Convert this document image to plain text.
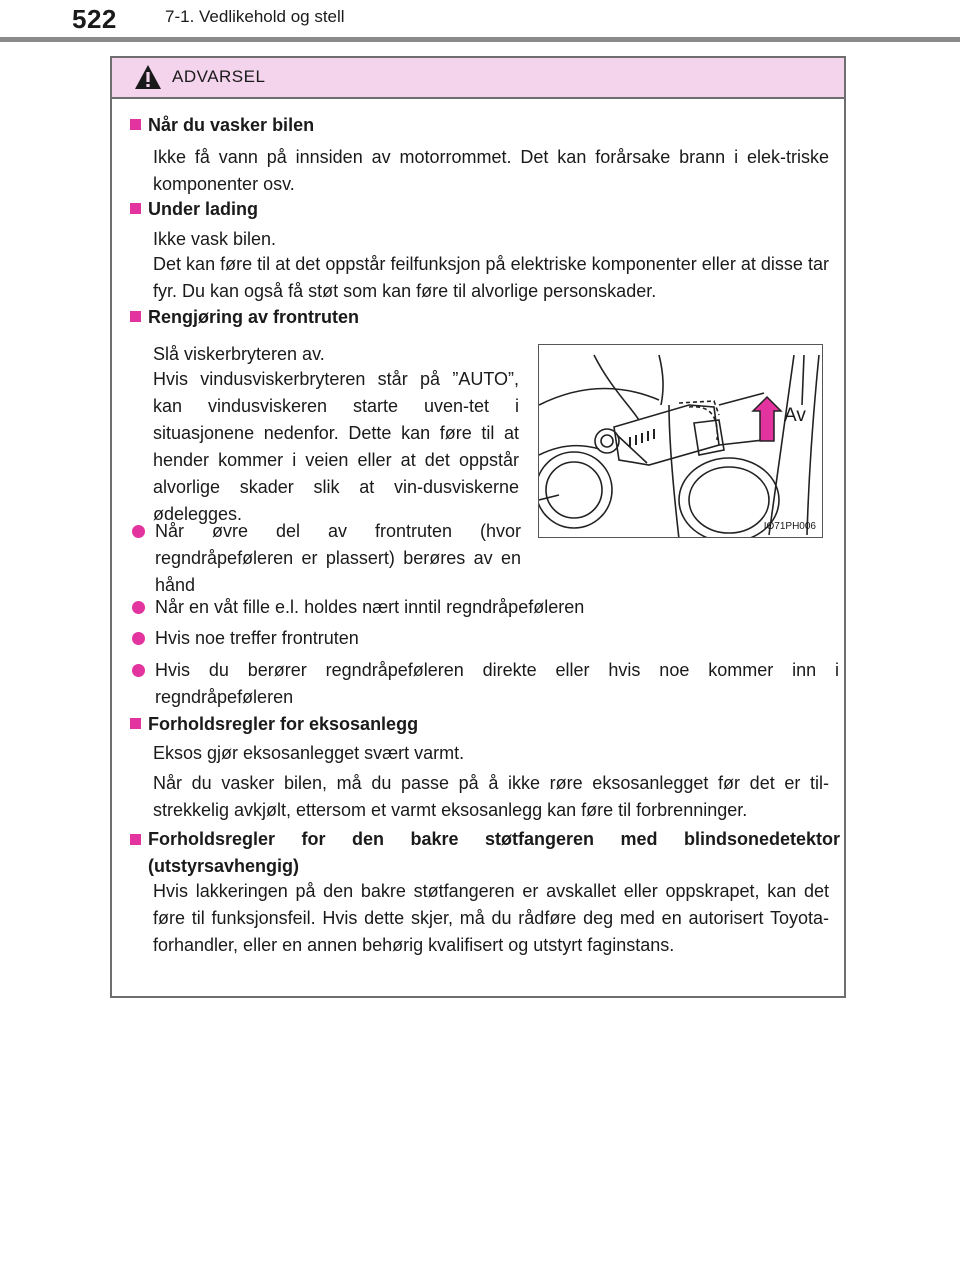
522	7-1. Vedlikehold og stell
ADVARSEL
Når du vasker bilen
Ikke få vann på innsiden av motorrommet. Det kan forårsake brann i elek-triske komponenter osv.
Under lading
Ikke vask bilen.
Det kan føre til at det oppstår feilfunksjon på elektriske komponenter eller at disse tar fyr. Du kan også få støt som kan føre til alvorlige personskader.
Rengjøring av frontruten
Slå viskerbryteren av.
Hvis vindusviskerbryteren står på ”AUTO”, kan vindusviskeren starte uven-tet i situasjonene nedenfor. Dette kan føre til at hender kommer i veien eller at det oppstår alvorlige skader slik at vin-dusviskerne ødelegges.
Av
IO71PH006
Når øvre del av frontruten (hvor regndråpeføleren er plassert) berøres av en hånd
Når en våt fille e.l. holdes nært inntil regndråpeføleren
Hvis noe treffer frontruten
Hvis du berører regndråpeføleren direkte eller hvis noe kommer inn i regndråpeføleren
Forholdsregler for eksosanlegg
Eksos gjør eksosanlegget svært varmt.
Når du vasker bilen, må du passe på å ikke røre eksosanlegget før det er til-strekkelig avkjølt, ettersom et varmt eksosanlegg kan føre til forbrenninger.
Forholdsregler for den bakre støtfangeren med blindsonedetektor (utstyrsavhengig)
Hvis lakkeringen på den bakre støtfangeren er avskallet eller oppskrapet, kan det føre til funksjonsfeil. Hvis dette skjer, må du rådføre deg med en autorisert Toyota-forhandler, eller en annen behørig kvalifisert og utstyrt faginstans.
